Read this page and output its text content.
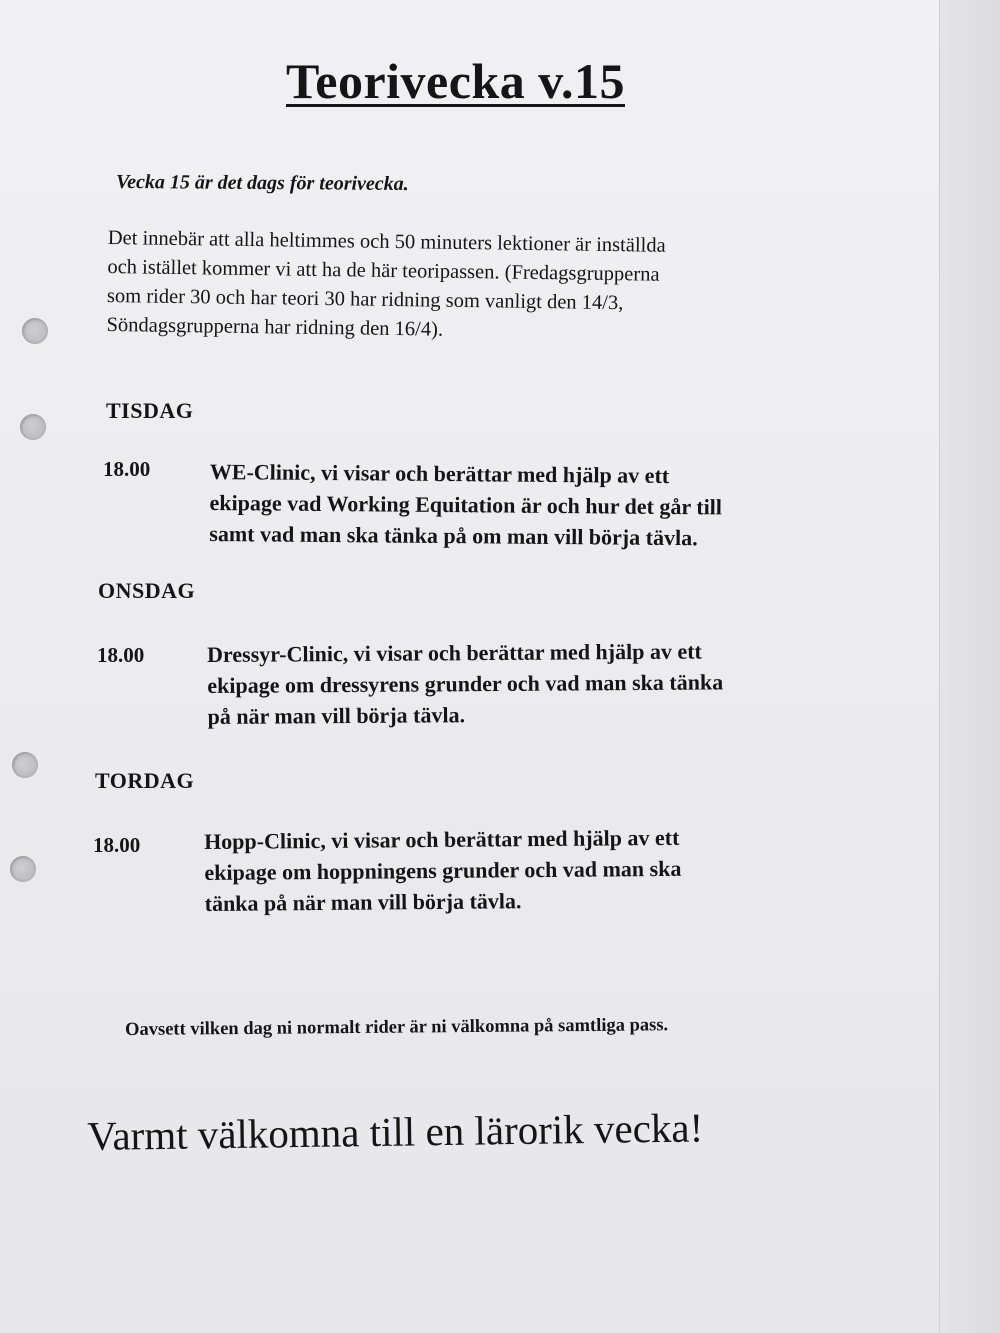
Teorivecka v.15
Vecka 15 är det dags för teorivecka.
Det innebär att alla heltimmes och 50 minuters lektioner är inställda
och istället kommer vi att ha de här teoripassen. (Fredagsgrupperna
som rider 30 och har teori 30 har ridning som vanligt den 14/3,
Söndagsgrupperna har ridning den 16/4).
TISDAG
18.00	WE-Clinic, vi visar och berättar med hjälp av ett
ekipage vad Working Equitation är och hur det går till
samt vad man ska tänka på om man vill börja tävla.
ONSDAG
18.00	Dressyr-Clinic, vi visar och berättar med hjälp av ett
ekipage om dressyrens grunder och vad man ska tänka
på när man vill börja tävla.
TORDAG
18.00	Hopp-Clinic, vi visar och berättar med hjälp av ett
ekipage om hoppningens grunder och vad man ska
tänka på när man vill börja tävla.
Oavsett vilken dag ni normalt rider är ni välkomna på samtliga pass.
Varmt välkomna till en lärorik vecka!
